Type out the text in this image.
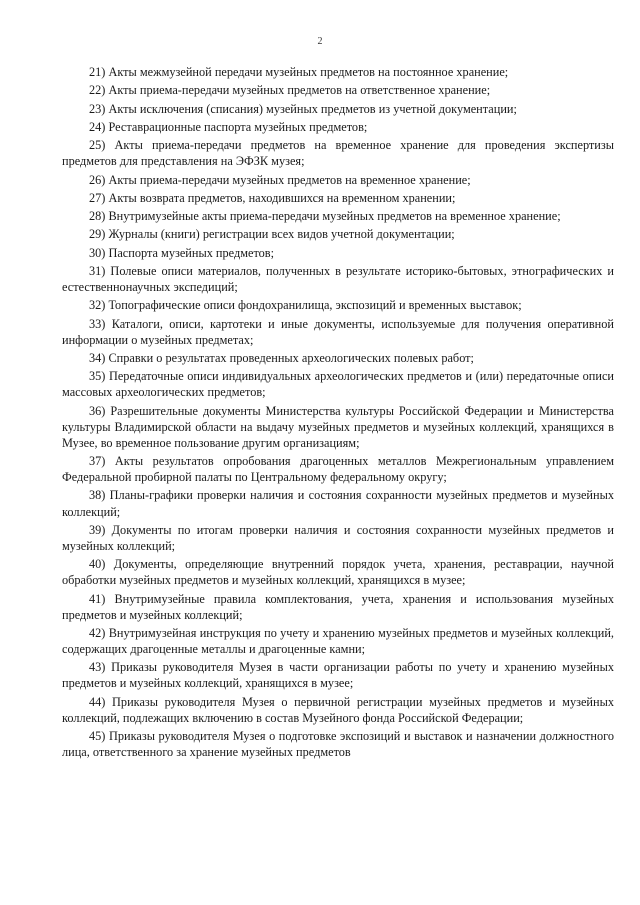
2

21) Акты межмузейной передачи музейных предметов на постоянное хранение;

22) Акты приема-передачи музейных предметов на ответственное хранение;

23) Акты исключения (списания) музейных предметов из учетной документации;

24) Реставрационные паспорта музейных предметов;

25) Акты приема-передачи предметов на временное хранение для проведения экспертизы предметов для представления на ЭФЗК музея;

26) Акты приема-передачи музейных предметов на временное хранение;

27) Акты возврата предметов, находившихся на временном хранении;

28) Внутримузейные акты приема-передачи музейных предметов на временное хранение;

29) Журналы (книги) регистрации всех видов учетной документации;

30) Паспорта музейных предметов;

31) Полевые описи материалов, полученных в результате историко-бытовых, этнографических и естественнонаучных экспедиций;

32) Топографические описи фондохранилища, экспозиций и временных выставок;

33) Каталоги, описи, картотеки и иные документы, используемые для получения оперативной информации о музейных предметах;

34) Справки о результатах проведенных археологических полевых работ;

35) Передаточные описи индивидуальных археологических предметов и (или) передаточные описи массовых археологических предметов;

36) Разрешительные документы Министерства культуры Российской Федерации и Министерства культуры Владимирской области на выдачу музейных предметов и музейных коллекций, хранящихся в Музее, во временное пользование другим организациям;

37) Акты результатов опробования драгоценных металлов Межрегиональным управлением Федеральной пробирной палаты по Центральному федеральному округу;

38) Планы-графики проверки наличия и состояния сохранности музейных предметов и музейных коллекций;

39) Документы по итогам проверки наличия и состояния сохранности музейных предметов и музейных коллекций;

40) Документы, определяющие внутренний порядок учета, хранения, реставрации, научной обработки музейных предметов и музейных коллекций, хранящихся в музее;

41) Внутримузейные правила комплектования, учета, хранения и использования музейных предметов и музейных коллекций;

42) Внутримузейная инструкция по учету и хранению музейных предметов и музейных коллекций, содержащих драгоценные металлы и драгоценные камни;

43) Приказы руководителя Музея в части организации работы по учету и хранению музейных предметов и музейных коллекций, хранящихся в музее;

44) Приказы руководителя Музея о первичной регистрации музейных предметов и музейных коллекций, подлежащих включению в состав Музейного фонда Российской Федерации;

45) Приказы руководителя Музея о подготовке экспозиций и выставок и назначении должностного лица, ответственного за хранение музейных предметов
